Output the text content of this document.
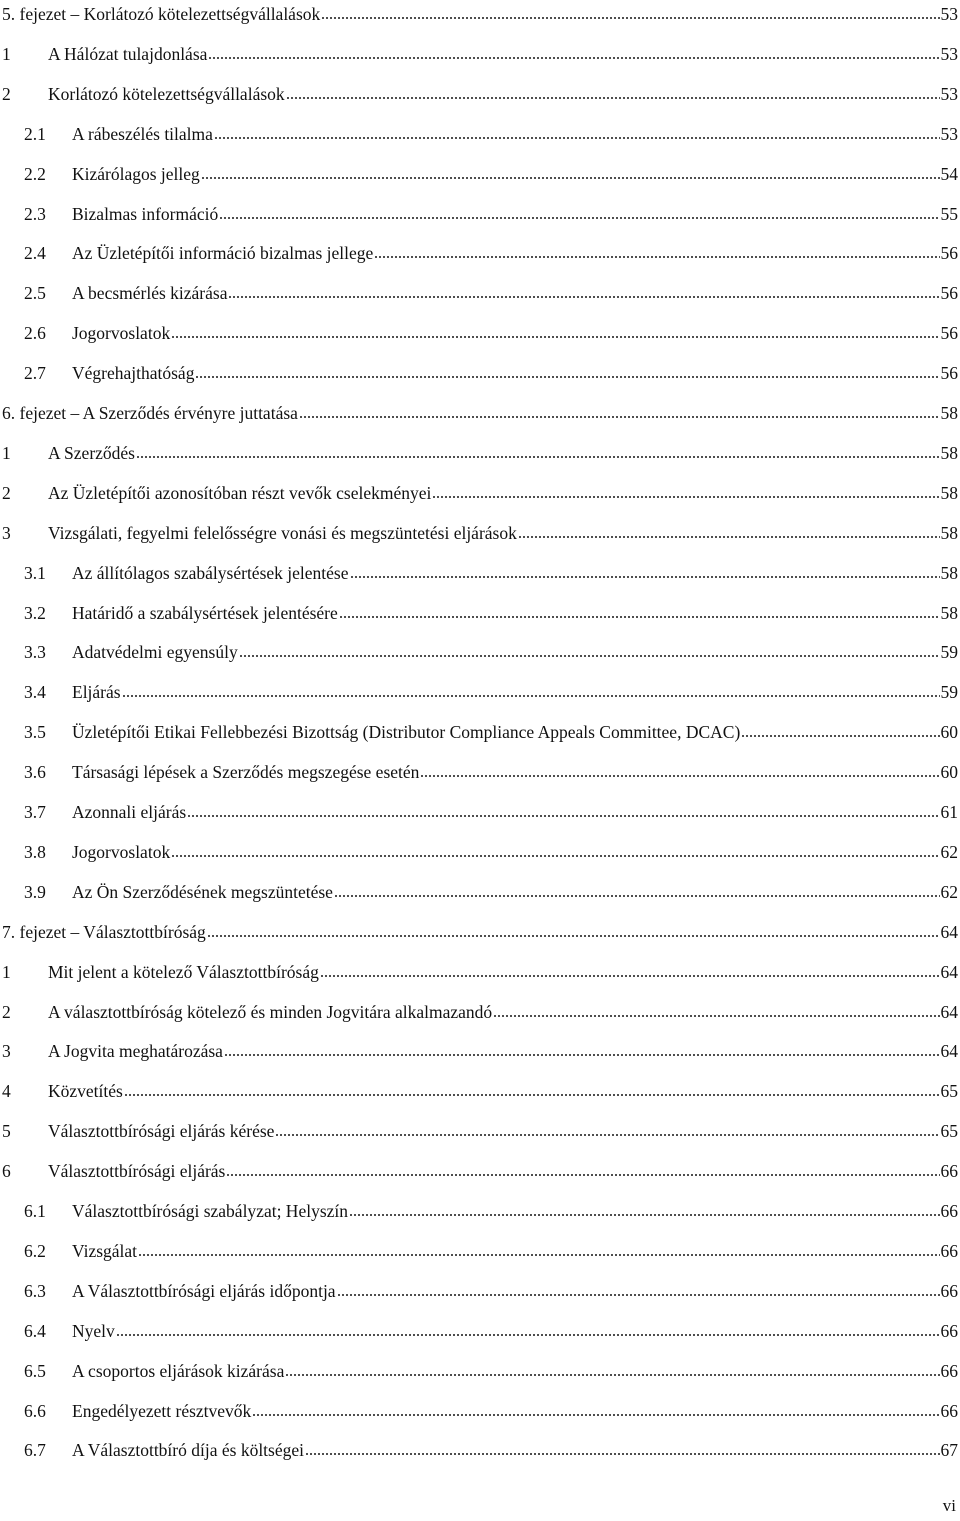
5. fejezet – Korlátozó kötelezettségvállalások	53
1	A Hálózat tulajdonlása	53
2	Korlátozó kötelezettségvállalások	53
2.1	A rábeszélés tilalma	53
2.2	Kizárólagos jelleg	54
2.3	Bizalmas információ	55
2.4	Az Üzletépítői információ bizalmas jellege	56
2.5	A becsmérlés kizárása	56
2.6	Jogorvoslatok	56
2.7	Végrehajthatóság	56
6. fejezet – A Szerződés érvényre juttatása	58
1	A Szerződés	58
2	Az Üzletépítői azonosítóban részt vevők cselekményei	58
3	Vizsgálati, fegyelmi felelősségre vonási és megszüntetési eljárások	58
3.1	Az állítólagos szabálysértések jelentése	58
3.2	Határidő a szabálysértések jelentésére	58
3.3	Adatvédelmi egyensúly	59
3.4	Eljárás	59
3.5	Üzletépítői Etikai Fellebbezési Bizottság (Distributor Compliance Appeals Committee, DCAC)	60
3.6	Társasági lépések a Szerződés megszegése esetén	60
3.7	Azonnali eljárás	61
3.8	Jogorvoslatok	62
3.9	Az Ön Szerződésének megszüntetése	62
7. fejezet – Választottbíróság	64
1	Mit jelent a kötelező Választottbíróság	64
2	A választottbíróság kötelező és minden Jogvitára alkalmazandó	64
3	A Jogvita meghatározása	64
4	Közvetítés	65
5	Választottbírósági eljárás kérése	65
6	Választottbírósági eljárás	66
6.1	Választottbírósági szabályzat; Helyszín	66
6.2	Vizsgálat	66
6.3	A Választottbírósági eljárás időpontja	66
6.4	Nyelv	66
6.5	A csoportos eljárások kizárása	66
6.6	Engedélyezett résztvevők	66
6.7	A Választottbíró díja és költségei	67
vi
